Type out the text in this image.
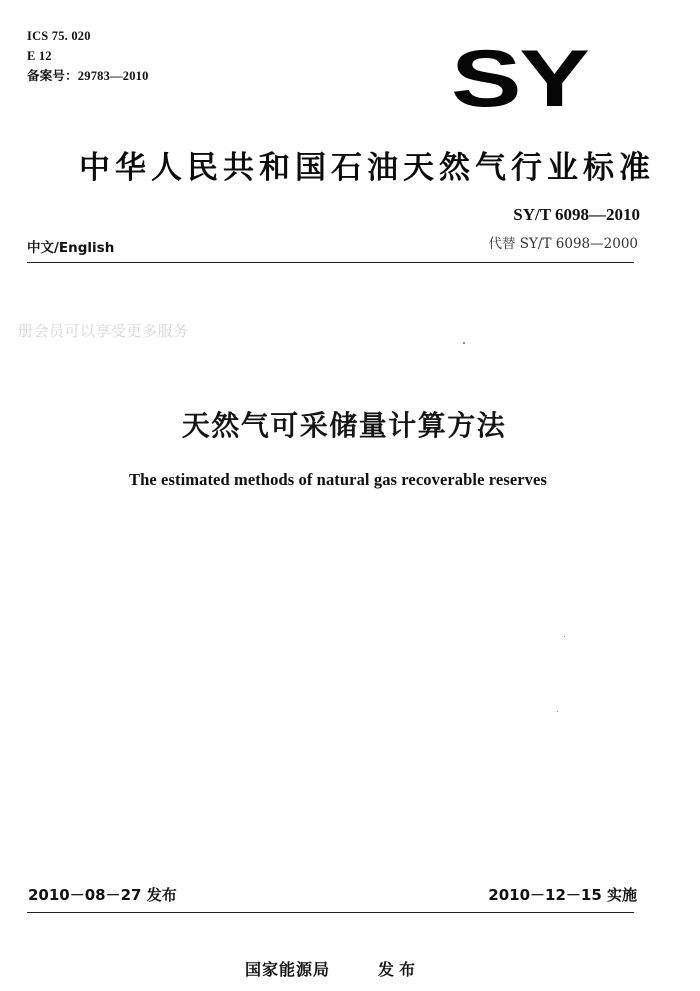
ICS 75. 020
E 12
备案号：29783—2010	SY
中华人民共和国石油天然气行业标准
SY/T 6098—2010
代替 SY/T 6098—2000
中文/English
册会员可以享受更多服务
天然气可采储量计算方法
The estimated methods of natural gas recoverable reserves
2010－08－27 发布	2010－12－15 实施
国家能源局	发布
